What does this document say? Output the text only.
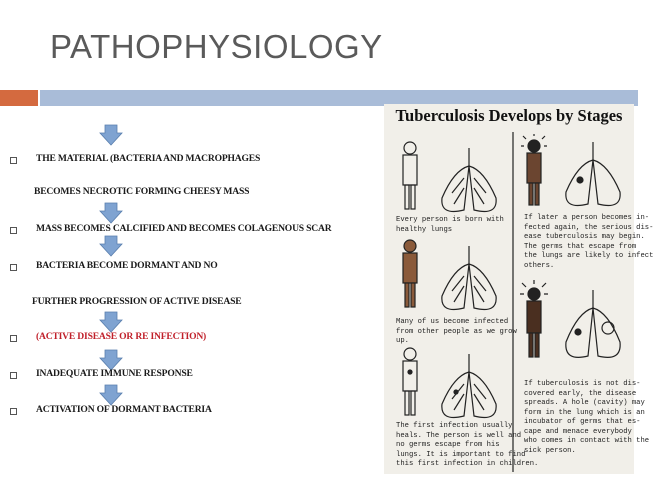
PATHOPHYSIOLOGY
THE MATERIAL (BACTERIA AND MACROPHAGES
BECOMES NECROTIC FORMING CHEESY MASS
MASS BECOMES CALCIFIED AND BECOMES COLAGENOUS SCAR
BACTERIA BECOME DORMANT AND NO
FURTHER PROGRESSION OF ACTIVE DISEASE
(ACTIVE DISEASE OR RE INFECTION)
INADEQUATE IMMUNE RESPONSE
ACTIVATION OF DORMANT BACTERIA
Tuberculosis Develops by Stages
Every person is born with
healthy lungs
Many of us become infected
from other people as we grow
up.
The first infection usually
heals. The person is well and
no germs escape from his
lungs. It is important to find
this first infection in children.
If later a person becomes in-
fected again, the serious dis-
ease tuberculosis may begin.
The germs that escape from
the lungs are likely to infect
others.
If tuberculosis is not dis-
covered early, the disease
spreads. A hole (cavity) may
form in the lung which is an
incubator of germs that es-
cape and menace everybody
who comes in contact with the
sick person.
